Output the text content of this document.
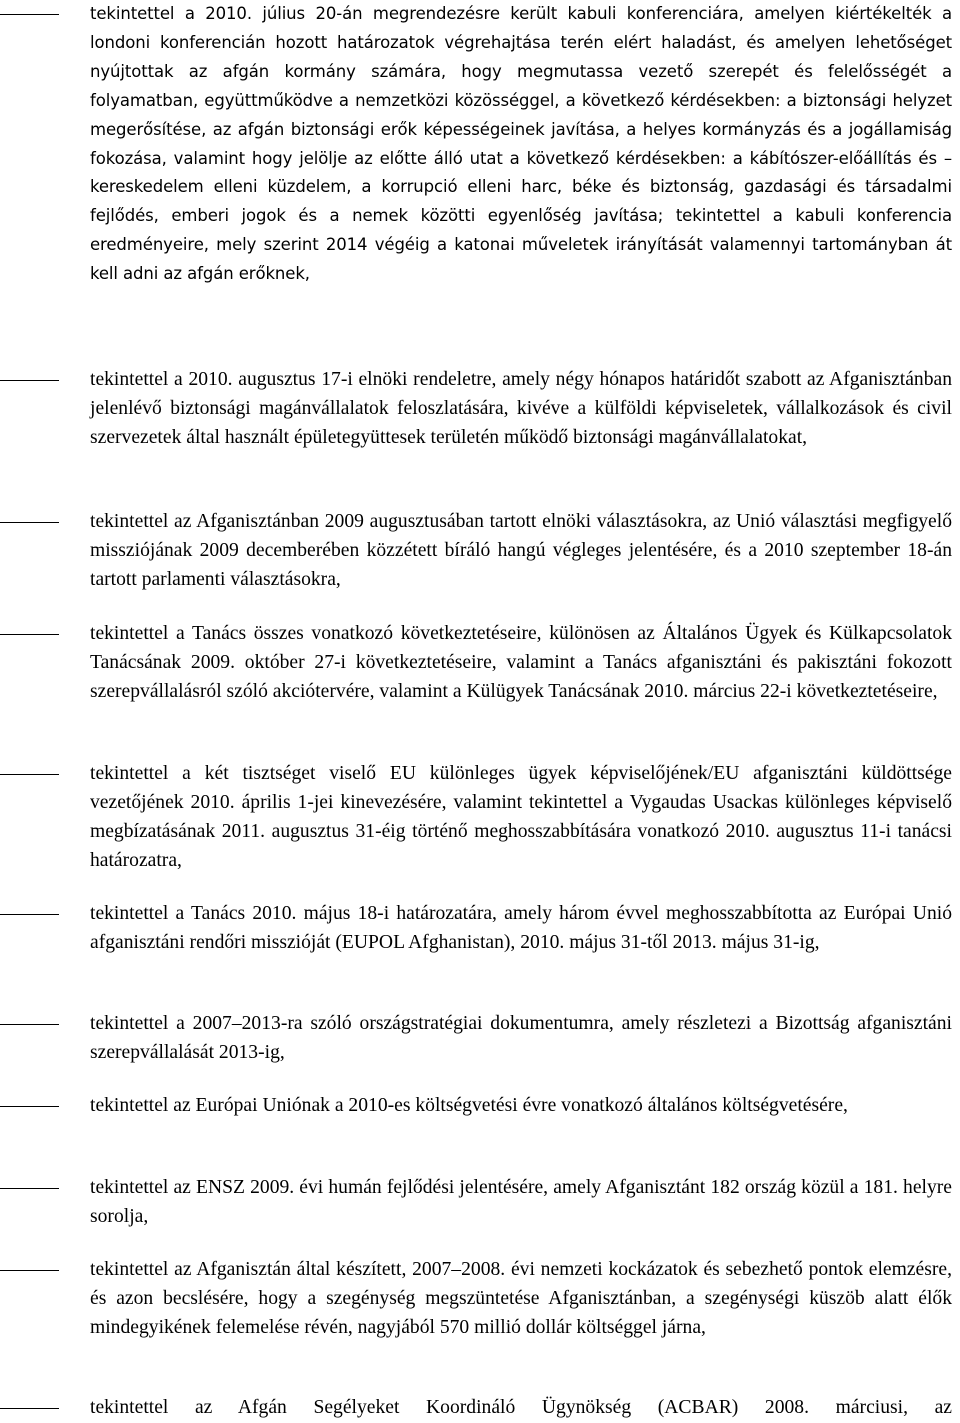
tekintettel a 2010. július 20-án megrendezésre került kabuli konferenciára, amelyen kiértékelték a londoni konferencián hozott határozatok végrehajtása terén elért haladást, és amelyen lehetőséget nyújtottak az afgán kormány számára, hogy megmutassa vezető szerepét és felelősségét a folyamatban, együttműködve a nemzetközi közösséggel, a következő kérdésekben: a biztonsági helyzet megerősítése, az afgán biztonsági erők képességeinek javítása, a helyes kormányzás és a jogállamiság fokozása, valamint hogy jelölje az előtte álló utat a következő kérdésekben: a kábítószer-előállítás és –kereskedelem elleni küzdelem, a korrupció elleni harc, béke és biztonság, gazdasági és társadalmi fejlődés, emberi jogok és a nemek közötti egyenlőség javítása; tekintettel a kabuli konferencia eredményeire, mely szerint 2014 végéig a katonai műveletek irányítását valamennyi tartományban át kell adni az afgán erőknek,

tekintettel a 2010. augusztus 17-i elnöki rendeletre, amely négy hónapos határidőt szabott az Afganisztánban jelenlévő biztonsági magánvállalatok feloszlatására, kivéve a külföldi képviseletek, vállalkozások és civil szervezetek által használt épületegyüttesek területén működő biztonsági magánvállalatokat,

tekintettel az Afganisztánban 2009 augusztusában tartott elnöki választásokra, az Unió választási megfigyelő missziójának 2009 decemberében közzétett bíráló hangú végleges jelentésére, és a 2010 szeptember 18-án tartott parlamenti választásokra,

tekintettel a Tanács összes vonatkozó következtetéseire, különösen az Általános Ügyek és Külkapcsolatok Tanácsának 2009. október 27-i következtetéseire, valamint a Tanács afganisztáni és pakisztáni fokozott szerepvállalásról szóló akciótervére, valamint a Külügyek Tanácsának 2010. március 22-i következtetéseire,

tekintettel a két tisztséget viselő EU különleges ügyek képviselőjének/EU afganisztáni küldöttsége vezetőjének 2010. április 1-jei kinevezésére, valamint tekintettel a Vygaudas Usackas különleges képviselő megbízatásának 2011. augusztus 31-éig történő meghosszabbítására vonatkozó 2010. augusztus 11-i tanácsi határozatra,

tekintettel a Tanács 2010. május 18-i határozatára, amely három évvel meghosszabbította az Európai Unió afganisztáni rendőri misszióját (EUPOL Afghanistan), 2010. május 31-től 2013. május 31-ig,

tekintettel a 2007–2013-ra szóló országstratégiai dokumentumra, amely részletezi a Bizottság afganisztáni szerepvállalását 2013-ig,

tekintettel az Európai Uniónak a 2010-es költségvetési évre vonatkozó általános költségvetésére,

tekintettel az ENSZ 2009. évi humán fejlődési jelentésére, amely Afganisztánt 182 ország közül a 181. helyre sorolja,

tekintettel az Afganisztán által készített, 2007–2008. évi nemzeti kockázatok és sebezhető pontok elemzésre, és azon becslésére, hogy a szegénység megszüntetése Afganisztánban, a szegénységi küszöb alatt élők mindegyikének felemelése révén, nagyjából 570 millió dollár költséggel járna,

tekintettel az Afgán Segélyeket Koordináló Ügynökség (ACBAR) 2008. márciusi, az
